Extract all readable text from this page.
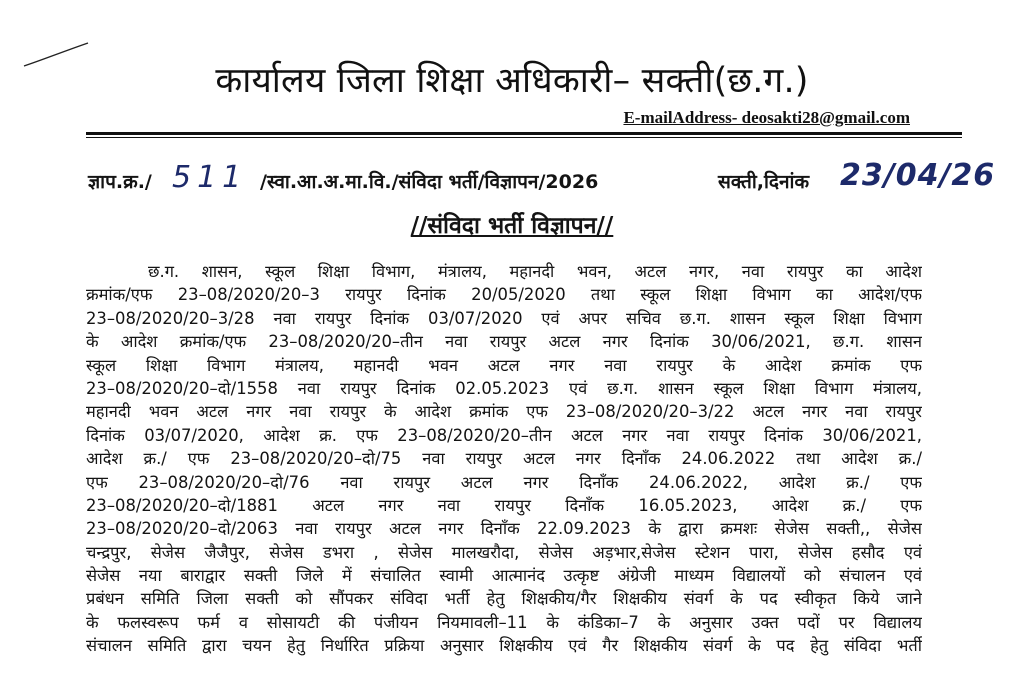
कार्यालय जिला शिक्षा अधिकारी– सक्ती(छ.ग.)
E-mailAddress- deosakti28@gmail.com
ज्ञाप.क्र./ 511 /स्वा.आ.अ.मा.वि./संविदा भर्ती/विज्ञापन/2026	सक्ती,दिनांक 23/04/26
//संविदा भर्ती विज्ञापन//
छ.ग. शासन, स्कूल शिक्षा विभाग, मंत्रालय, महानदी भवन, अटल नगर, नवा रायपुर का आदेश
क्रमांक/एफ 23–08/2020/20–3 रायपुर दिनांक 20/05/2020 तथा स्कूल शिक्षा विभाग का आदेश/एफ
23–08/2020/20–3/28 नवा रायपुर दिनांक 03/07/2020 एवं अपर सचिव छ.ग. शासन स्कूल शिक्षा विभाग
के आदेश क्रमांक/एफ 23–08/2020/20–तीन नवा रायपुर अटल नगर दिनांक 30/06/2021, छ.ग. शासन
स्कूल शिक्षा विभाग मंत्रालय, महानदी भवन अटल नगर नवा रायपुर के आदेश क्रमांक एफ
23–08/2020/20–दो/1558 नवा रायपुर दिनांक 02.05.2023 एवं छ.ग. शासन स्कूल शिक्षा विभाग मंत्रालय,
महानदी भवन अटल नगर नवा रायपुर के आदेश क्रमांक एफ 23–08/2020/20–3/22 अटल नगर नवा रायपुर
दिनांक 03/07/2020, आदेश क्र. एफ 23–08/2020/20–तीन अटल नगर नवा रायपुर दिनांक 30/06/2021,
आदेश क्र./ एफ 23–08/2020/20–दो/75 नवा रायपुर अटल नगर दिनाँक 24.06.2022 तथा आदेश क्र./
एफ 23–08/2020/20–दो/76 नवा रायपुर अटल नगर दिनाँक 24.06.2022, आदेश क्र./ एफ
23–08/2020/20–दो/1881 अटल नगर नवा रायपुर दिनाँक 16.05.2023, आदेश क्र./ एफ
23–08/2020/20–दो/2063 नवा रायपुर अटल नगर दिनाँक 22.09.2023 के द्वारा क्रमशः सेजेस सक्ती,, सेजेस
चन्द्रपुर, सेजेस जैजैपुर, सेजेस डभरा , सेजेस मालखरौदा, सेजेस अड़भार,सेजेस स्टेशन पारा, सेजेस हसौद एवं
सेजेस नया बाराद्वार सक्ती जिले में संचालित स्वामी आत्मानंद उत्कृष्ट अंग्रेजी माध्यम विद्यालयों को संचालन एवं
प्रबंधन समिति जिला सक्ती को सौंपकर संविदा भर्ती हेतु शिक्षकीय/गैर शिक्षकीय संवर्ग के पद स्वीकृत किये जाने
के फलस्वरूप फर्म व सोसायटी की पंजीयन नियमावली–11 के कंडिका–7 के अनुसार उक्त पदों पर विद्यालय
संचालन समिति द्वारा चयन हेतु निर्धारित प्रक्रिया अनुसार शिक्षकीय एवं गैर शिक्षकीय संवर्ग के पद हेतु संविदा भर्ती
